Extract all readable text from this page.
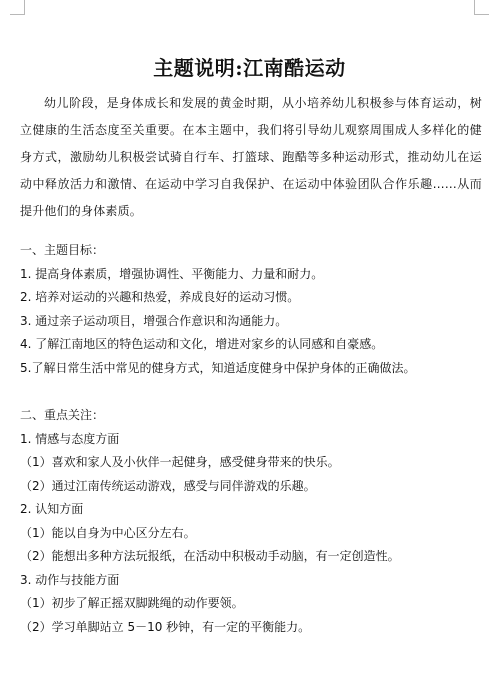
主题说明:江南酷运动
幼儿阶段，是身体成长和发展的黄金时期，从小培养幼儿积极参与体育运动，树立健康的生活态度至关重要。在本主题中，我们将引导幼儿观察周围成人多样化的健身方式，激励幼儿积极尝试骑自行车、打篮球、跑酷等多种运动形式，推动幼儿在运动中释放活力和激情、在运动中学习自我保护、在运动中体验团队合作乐趣……从而提升他们的身体素质。
一、主题目标：
1. 提高身体素质，增强协调性、平衡能力、力量和耐力。
2. 培养对运动的兴趣和热爱，养成良好的运动习惯。
3. 通过亲子运动项目，增强合作意识和沟通能力。
4. 了解江南地区的特色运动和文化，增进对家乡的认同感和自豪感。
5.了解日常生活中常见的健身方式，知道适度健身中保护身体的正确做法。
二、重点关注：
1. 情感与态度方面
（1）喜欢和家人及小伙伴一起健身，感受健身带来的快乐。
（2）通过江南传统运动游戏，感受与同伴游戏的乐趣。
2. 认知方面
（1）能以自身为中心区分左右。
（2）能想出多种方法玩报纸，在活动中积极动手动脑，有一定创造性。
3. 动作与技能方面
（1）初步了解正摇双脚跳绳的动作要领。
（2）学习单脚站立 5－10 秒钟，有一定的平衡能力。
